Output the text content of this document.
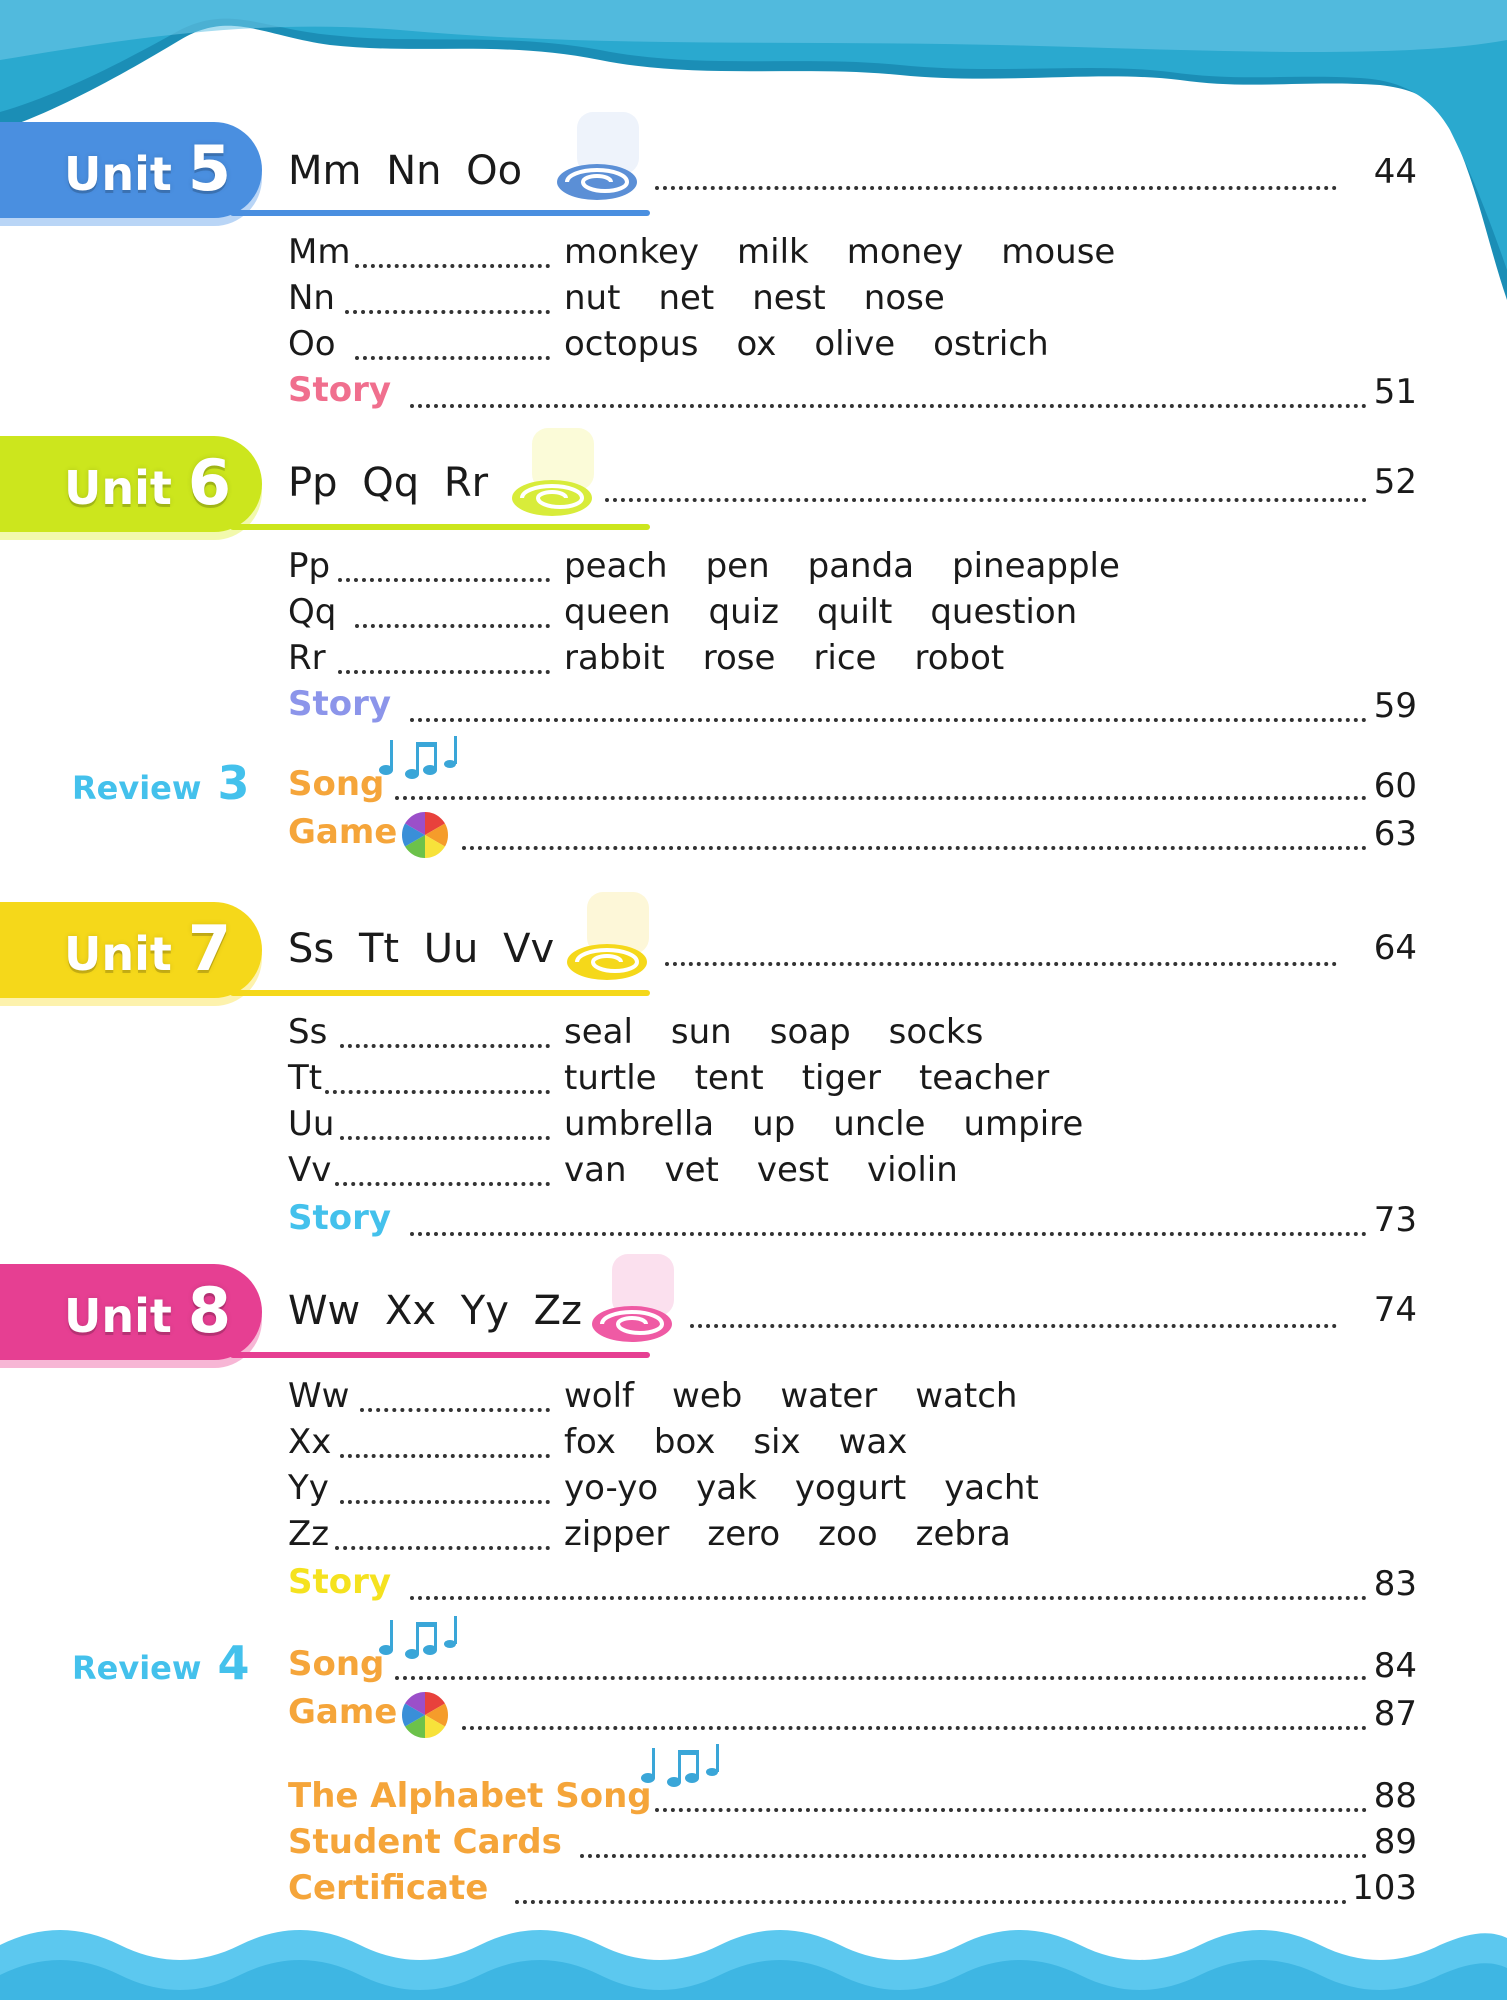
Unit 5 Mm Nn Oo	44
Mm	monkey milk money mouse
Nn	nut net nest nose
Oo	octopus ox olive ostrich
Story	51
Unit 6 Pp Qq Rr	52
Pp	peach pen panda pineapple
Qq	queen quiz quilt question
Rr	rabbit rose rice robot
Story	59
Review 3 Song	60
Game	63
Unit 7 Ss Tt Uu Vv	64
Ss	seal sun soap socks
Tt	turtle tent tiger teacher
Uu	umbrella up uncle umpire
Vv	van vet vest violin
Story	73
Unit 8 Ww Xx Yy Zz	74
Ww	wolf web water watch
Xx	fox box six wax
Yy	yo-yo yak yogurt yacht
Zz	zipper zero zoo zebra
Story	83
Review 4 Song	84
Game	87
The Alphabet Song	88
Student Cards	89
Certificate	103
